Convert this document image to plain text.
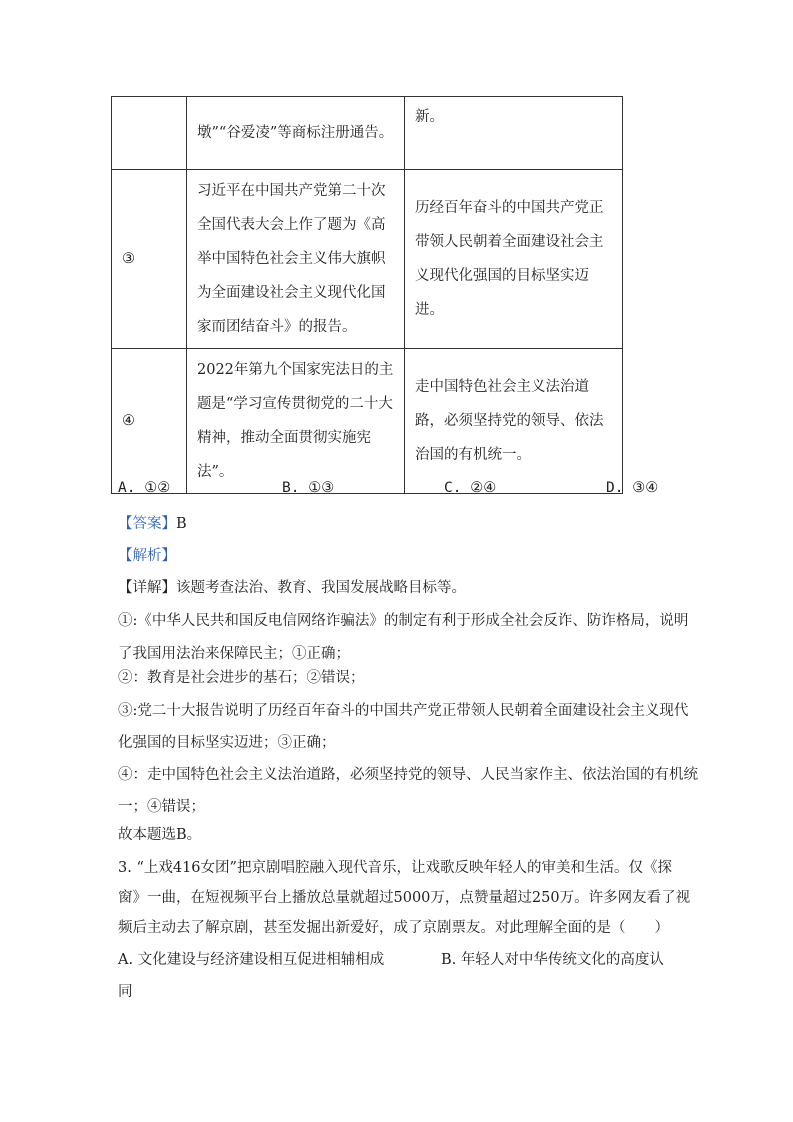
	墩”“谷爱凌”等商标注册通告。	新。

③	习近平在中国共产党第二十次全国代表大会上作了题为《高举中国特色社会主义伟大旗帜为全面建设社会主义现代化国家而团结奋斗》的报告。	历经百年奋斗的中国共产党正带领人民朝着全面建设社会主义现代化强国的目标坚实迈进。

④	2022年第九个国家宪法日的主题是“学习宣传贯彻党的二十大精神，推动全面贯彻实施宪法”。	走中国特色社会主义法治道路，必须坚持党的领导、依法治国的有机统一。
A. ①②	B. ①③	C. ②④	D. ③④
【答案】B
【解析】
【详解】该题考查法治、教育、我国发展战略目标等。
①:《中华人民共和国反电信网络诈骗法》的制定有利于形成全社会反诈、防诈格局，说明
了我国用法治来保障民主；①正确；
②：教育是社会进步的基石；②错误；
③:党二十大报告说明了历经百年奋斗的中国共产党正带领人民朝着全面建设社会主义现代
化强国的目标坚实迈进；③正确；
④：走中国特色社会主义法治道路，必须坚持党的领导、人民当家作主、依法治国的有机统
一；④错误；
故本题选B。
3. “上戏416女团”把京剧唱腔融入现代音乐，让戏歌反映年轻人的审美和生活。仅《探
窗》一曲，在短视频平台上播放总量就超过5000万，点赞量超过250万。许多网友看了视
频后主动去了解京剧，甚至发掘出新爱好，成了京剧票友。对此理解全面的是（　　）
A. 文化建设与经济建设相互促进相辅相成	B. 年轻人对中华传统文化的高度认
同
